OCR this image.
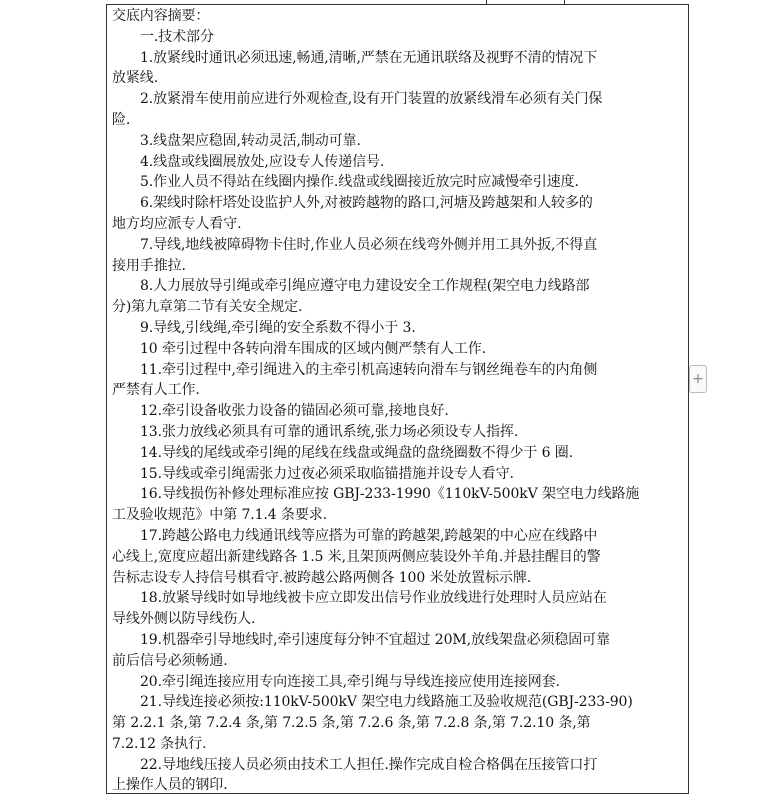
交底内容摘要：
一.技术部分
1.放紧线时通讯必须迅速,畅通,清晰,严禁在无通讯联络及视野不清的情况下
放紧线.
2.放紧滑车使用前应进行外观检查,设有开门装置的放紧线滑车必须有关门保
险.
3.线盘架应稳固,转动灵活,制动可靠.
4.线盘或线圈展放处,应设专人传递信号.
5.作业人员不得站在线圈内操作.线盘或线圈接近放完时应减慢牵引速度.
6.架线时除杆塔处设监护人外,对被跨越物的路口,河塘及跨越架和人较多的
地方均应派专人看守.
7.导线,地线被障碍物卡住时,作业人员必须在线弯外侧并用工具外扳,不得直
接用手推拉.
8.人力展放导引绳或牵引绳应遵守电力建设安全工作规程(架空电力线路部
分)第九章第二节有关安全规定.
9.导线,引线绳,牵引绳的安全系数不得小于 3.
10 牵引过程中各转向滑车围成的区域内侧严禁有人工作.
11.牵引过程中,牵引绳进入的主牵引机高速转向滑车与钢丝绳卷车的内角侧
严禁有人工作.
12.牵引设备收张力设备的锚固必须可靠,接地良好.
13.张力放线必须具有可靠的通讯系统,张力场必须设专人指挥.
14.导线的尾线或牵引绳的尾线在线盘或绳盘的盘绕圈数不得少于 6 圈.
15.导线或牵引绳需张力过夜必须采取临锚措施并设专人看守.
16.导线损伤补修处理标准应按 GBJ-233-1990《110kV-500kV 架空电力线路施
工及验收规范》中第 7.1.4 条要求.
17.跨越公路电力线通讯线等应搭为可靠的跨越架,跨越架的中心应在线路中
心线上,宽度应超出新建线路各 1.5 米,且架顶两侧应装设外羊角.并悬挂醒目的警
告标志设专人持信号棋看守.被跨越公路两侧各 100 米处放置标示牌.
18.放紧导线时如导地线被卡应立即发出信号作业放线进行处理时人员应站在
导线外侧以防导线伤人.
19.机器牵引导地线时,牵引速度每分钟不宜超过 20M,放线架盘必须稳固可靠
前后信号必须畅通.
20.牵引绳连接应用专向连接工具,牵引绳与导线连接应使用连接网套.
21.导线连接必须按:110kV-500kV 架空电力线路施工及验收规范(GBJ-233-90)
第 2.2.1 条,第 7.2.4 条,第 7.2.5 条,第 7.2.6 条,第 7.2.8 条,第 7.2.10 条,第
7.2.12 条执行.
22.导地线压接人员必须由技术工人担任.操作完成自检合格偶在压接管口打
上操作人员的钢印.
+
